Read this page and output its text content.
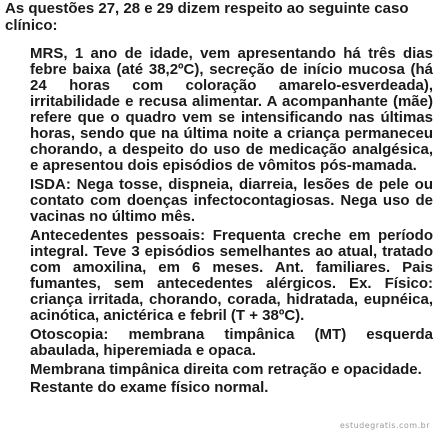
As questões 27, 28 e 29 dizem respeito ao seguinte caso clínico:

MRS, 1 ano de idade, vem apresentando há três dias febre baixa (até 38,2ºC), secreção de início mucosa (há 24 horas com coloração amarelo-esverdeada), irritabilidade e recusa alimentar. A acompanhante (mãe) refere que o quadro vem se intensificando nas últimas horas, sendo que na última noite a criança permaneceu chorando, a despeito do uso de medicação analgésica, e apresentou dois episódios de vômitos pós-mamada.

ISDA: Nega tosse, dispneia, diarreia, lesões de pele ou contato com doenças infectocontagiosas. Nega uso de vacinas no último mês.

Antecedentes pessoais: Frequenta creche em período integral. Teve 3 episódios semelhantes ao atual, tratado com amoxilina, em 6 meses. Ant. familiares. Pais fumantes, sem antecedentes alérgicos. Ex. Físico: criança irritada, chorando, corada, hidratada, eupnéica, acinótica, anictérica e febril (T + 38ºC).

Otoscopia: membrana timpânica (MT) esquerda abaulada, hiperemiada e opaca.

Membrana timpânica direita com retração e opacidade.

Restante do exame físico normal.

estudegratis.com.br
